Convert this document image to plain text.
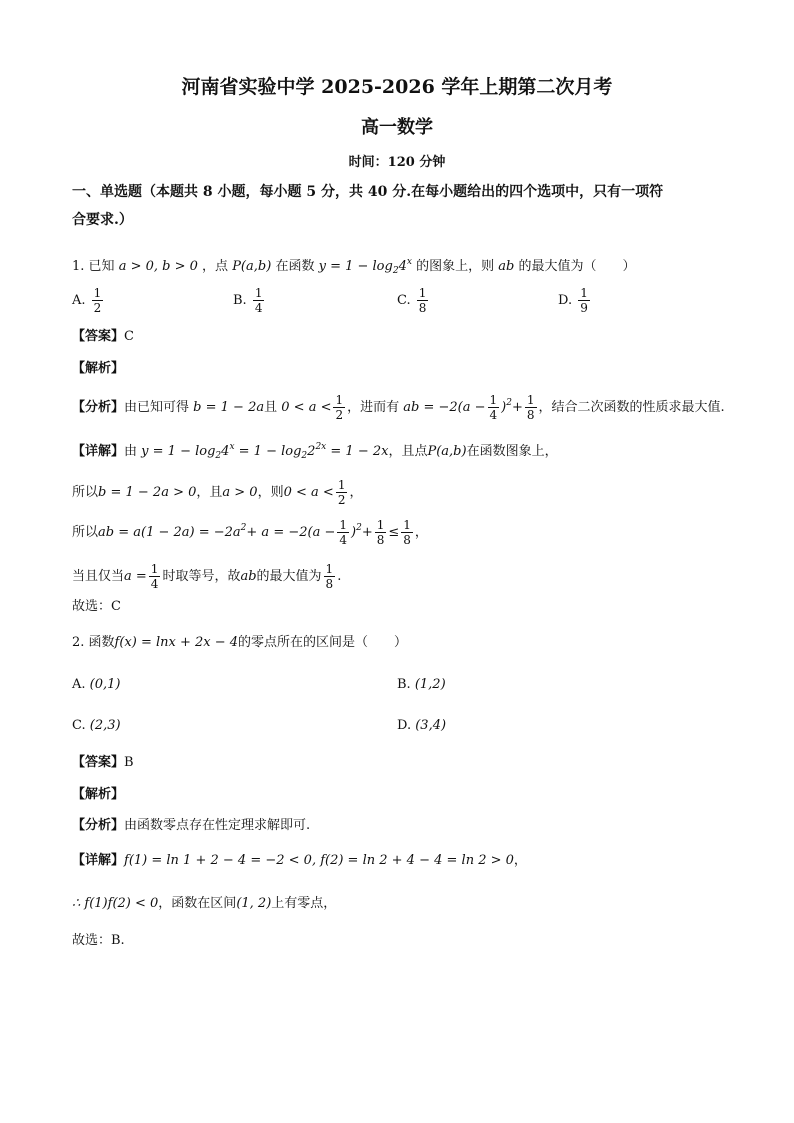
河南省实验中学 2025-2026 学年上期第二次月考
高一数学
时间：120 分钟
一、单选题（本题共 8 小题，每小题 5 分，共 40 分.在每小题给出的四个选项中，只有一项符
合要求.）
1. 已知 a > 0, b > 0 ，点 P(a,b) 在函数 $y = 1 - \log_24^x$ 的图象上，则 ab 的最大值为（　　）
A. $\frac{1}{2}$	B. $\frac{1}{4}$	C. $\frac{1}{8}$	D. $\frac{1}{9}$
【答案】C
【解析】
【分析】由已知可得 b = 1 − 2a且 $0 < a < \frac{1}{2}$ ，进而有 ab = $-2(a - \frac{1}{4} )^2+ \frac{1}{8}$ ，结合二次函数的性质求最大值.
【详解】由 $y = 1 - \log_24^x = 1 - \log_22^{2x} = 1 - 2x$，且点P(a,b)在函数图象上，
所以b = 1 − 2a > 0，且a > 0，则$0 < a < \frac{1}{2}$ ，
所以ab = $a(1 - 2a) = -2a^2+ a = -2(a - \frac{1}{4} )^2+ \frac{1}{8} \le \frac{1}{8}$ ，
当且仅当$a = \frac{1}{4}$ 时取等号，故ab的最大值为 $\frac{1}{8}$ .
故选：C
2. 函数f(x) = lnx + 2x − 4的零点所在的区间是（　　）
A. (0,1)	B. (1,2)
C. (2,3)	D. (3,4)
【答案】B
【解析】
【分析】由函数零点存在性定理求解即可.
【详解】f(1) = ln 1 + 2 − 4 = −2 < 0, f(2) = ln 2 + 4 − 4 = ln 2 > 0，
∴ f(1)f(2) < 0，函数在区间(1, 2)上有零点，
故选：B.
